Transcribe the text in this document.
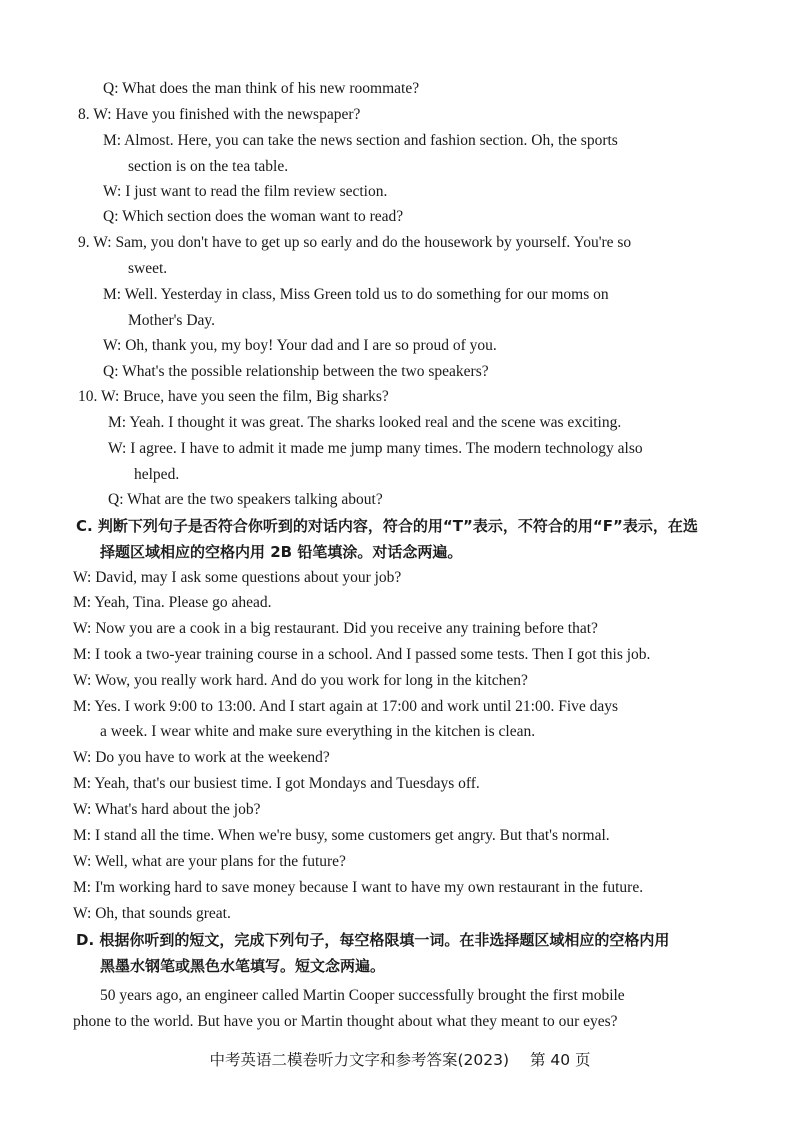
Q: What does the man think of his new roommate?
8. W: Have you finished with the newspaper?
M: Almost. Here, you can take the news section and fashion section. Oh, the sports
section is on the tea table.
W: I just want to read the film review section.
Q: Which section does the woman want to read?
9. W: Sam, you don't have to get up so early and do the housework by yourself. You're so
sweet.
M: Well. Yesterday in class, Miss Green told us to do something for our moms on
Mother's Day.
W: Oh, thank you, my boy! Your dad and I are so proud of you.
Q: What's the possible relationship between the two speakers?
10. W: Bruce, have you seen the film, Big sharks?
M: Yeah. I thought it was great. The sharks looked real and the scene was exciting.
W: I agree. I have to admit it made me jump many times. The modern technology also
helped.
Q: What are the two speakers talking about?
C. 判断下列句子是否符合你听到的对话内容，符合的用“T”表示，不符合的用“F”表示，在选
择题区域相应的空格内用 2B 铅笔填涂。对话念两遍。
W: David, may I ask some questions about your job?
M: Yeah, Tina. Please go ahead.
W: Now you are a cook in a big restaurant. Did you receive any training before that?
M: I took a two-year training course in a school. And I passed some tests. Then I got this job.
W: Wow, you really work hard. And do you work for long in the kitchen?
M: Yes. I work 9:00 to 13:00. And I start again at 17:00 and work until 21:00. Five days
a week. I wear white and make sure everything in the kitchen is clean.
W: Do you have to work at the weekend?
M: Yeah, that's our busiest time. I got Mondays and Tuesdays off.
W: What's hard about the job?
M: I stand all the time. When we're busy, some customers get angry. But that's normal.
W: Well, what are your plans for the future?
M: I'm working hard to save money because I want to have my own restaurant in the future.
W: Oh, that sounds great.
D. 根据你听到的短文，完成下列句子，每空格限填一词。在非选择题区域相应的空格内用
黑墨水钢笔或黑色水笔填写。短文念两遍。
50 years ago, an engineer called Martin Cooper successfully brought the first mobile
phone to the world. But have you or Martin thought about what they meant to our eyes?
中考英语二模卷听力文字和参考答案(2023) 第 40 页
